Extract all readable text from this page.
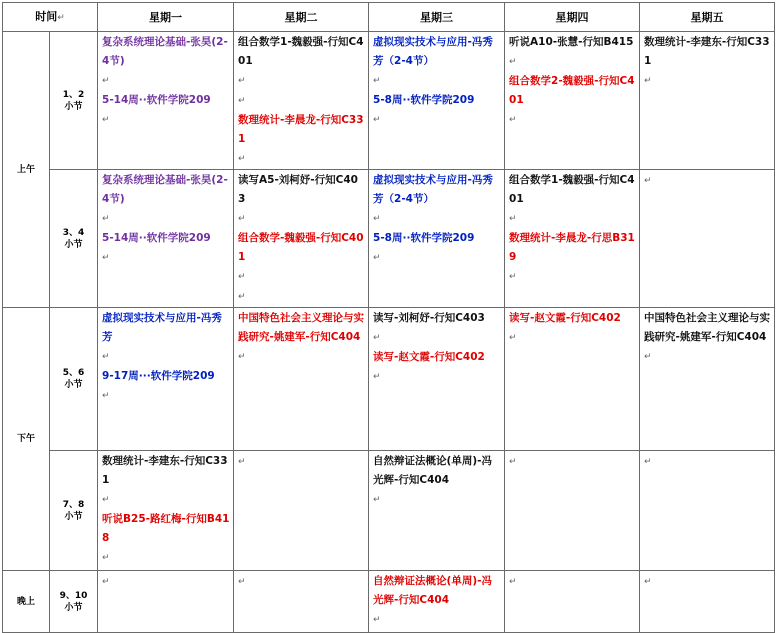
时间↵		星期一	星期二	星期三	星期四	星期五
上午	1、2
小节	复杂系统理论基础-张昊(2-4节)
↵
5-14周··软件学院209
↵	组合数学1-魏毅强-行知C401
↵
↵
数理统计-李晨龙-行知C331
↵	虚拟现实技术与应用-冯秀芳（2-4节）
↵
5-8周··软件学院209
↵	听说A10-张慧-行知B415
↵
组合数学2-魏毅强-行知C401
↵	数理统计-李建东-行知C331
↵

	3、4
小节	复杂系统理论基础-张昊(2-4节)
↵
5-14周··软件学院209
↵	读写A5-刘柯妤-行知C403
↵
组合数学-魏毅强-行知C401
↵
↵	虚拟现实技术与应用-冯秀芳（2-4节）
↵
5-8周··软件学院209
↵	组合数学1-魏毅强-行知C401
↵
数理统计-李晨龙-行思B319
↵	↵

下午	5、6
小节	虚拟现实技术与应用-冯秀芳
↵
9-17周···软件学院209
↵	中国特色社会主义理论与实践研究-姚建军-行知C404
↵	读写-刘柯妤-行知C403
↵
读写-赵文霞-行知C402
↵	读写-赵文霞-行知C402
↵	中国特色社会主义理论与实践研究-姚建军-行知C404
↵

	7、8
小节	数理统计-李建东-行知C331
↵
听说B25-路红梅-行知B418
↵	↵	自然辩证法概论(单周)-冯光辉-行知C404
↵	↵	↵

晚上	9、10
小节	↵	↵	自然辩证法概论(单周)-冯光辉-行知C404
↵	↵	↵
